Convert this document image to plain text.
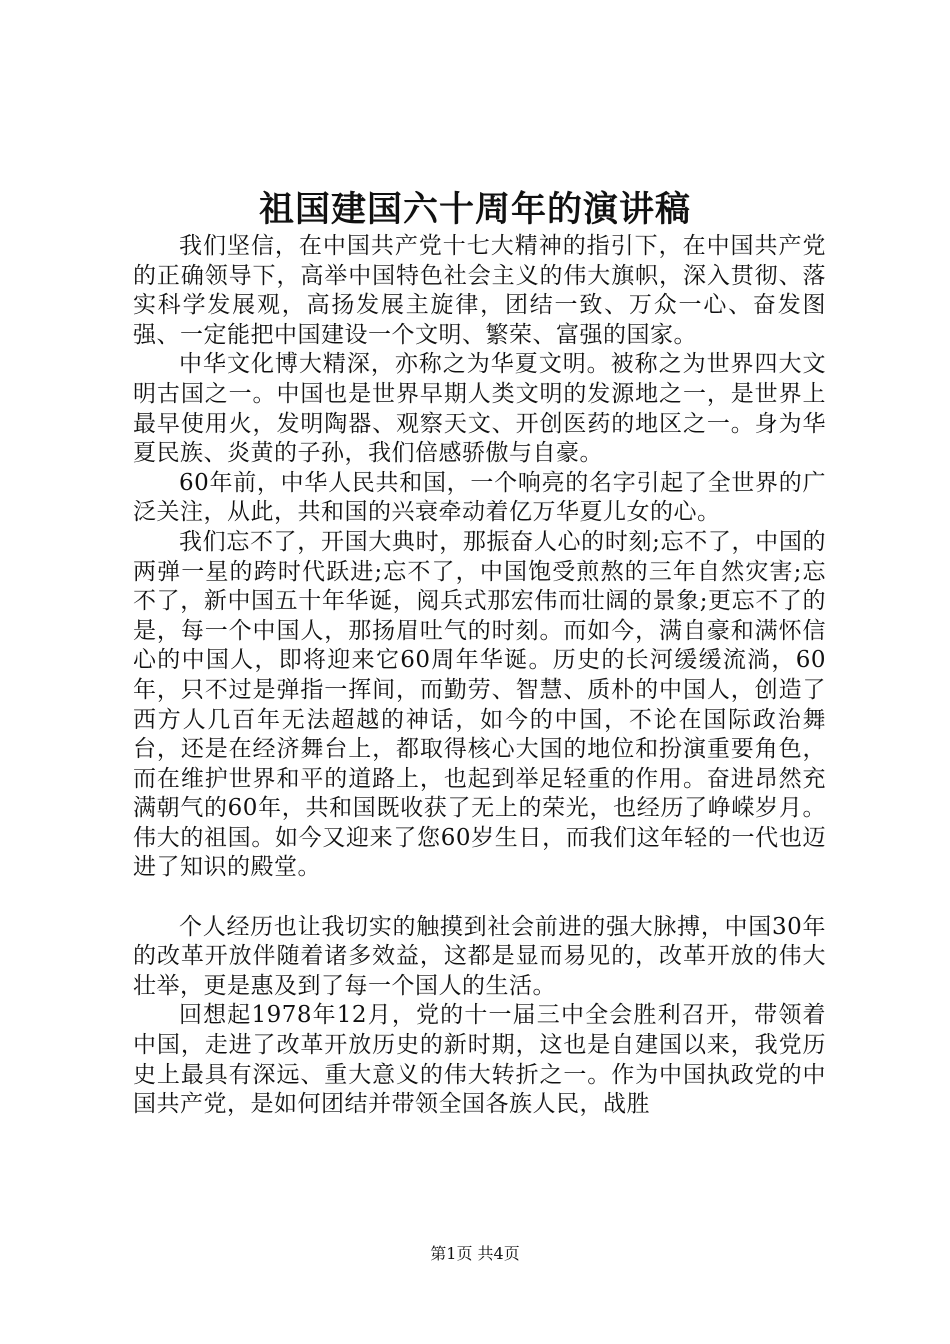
祖国建国六十周年的演讲稿

我们坚信，在中国共产党十七大精神的指引下，在中国共产党的正确领导下，高举中国特色社会主义的伟大旗帜，深入贯彻、落实科学发展观，高扬发展主旋律，团结一致、万众一心、奋发图强、一定能把中国建设一个文明、繁荣、富强的国家。

中华文化博大精深，亦称之为华夏文明。被称之为世界四大文明古国之一。中国也是世界早期人类文明的发源地之一，是世界上最早使用火，发明陶器、观察天文、开创医药的地区之一。身为华夏民族、炎黄的子孙，我们倍感骄傲与自豪。

60年前，中华人民共和国，一个响亮的名字引起了全世界的广泛关注，从此，共和国的兴衰牵动着亿万华夏儿女的心。

我们忘不了，开国大典时，那振奋人心的时刻;忘不了，中国的两弹一星的跨时代跃进;忘不了，中国饱受煎熬的三年自然灾害;忘不了，新中国五十年华诞，阅兵式那宏伟而壮阔的景象;更忘不了的是，每一个中国人，那扬眉吐气的时刻。而如今，满自豪和满怀信心的中国人，即将迎来它60周年华诞。历史的长河缓缓流淌，60年，只不过是弹指一挥间，而勤劳、智慧、质朴的中国人，创造了西方人几百年无法超越的神话，如今的中国，不论在国际政治舞台，还是在经济舞台上，都取得核心大国的地位和扮演重要角色，而在维护世界和平的道路上，也起到举足轻重的作用。奋进昂然充满朝气的60年，共和国既收获了无上的荣光，也经历了峥嵘岁月。伟大的祖国。如今又迎来了您60岁生日，而我们这年轻的一代也迈进了知识的殿堂。

个人经历也让我切实的触摸到社会前进的强大脉搏，中国30年的改革开放伴随着诸多效益，这都是显而易见的，改革开放的伟大壮举，更是惠及到了每一个国人的生活。

回想起1978年12月，党的十一届三中全会胜利召开，带领着中国，走进了改革开放历史的新时期，这也是自建国以来，我党历史上最具有深远、重大意义的伟大转折之一。作为中国执政党的中国共产党，是如何团结并带领全国各族人民，战胜

第1页 共4页
